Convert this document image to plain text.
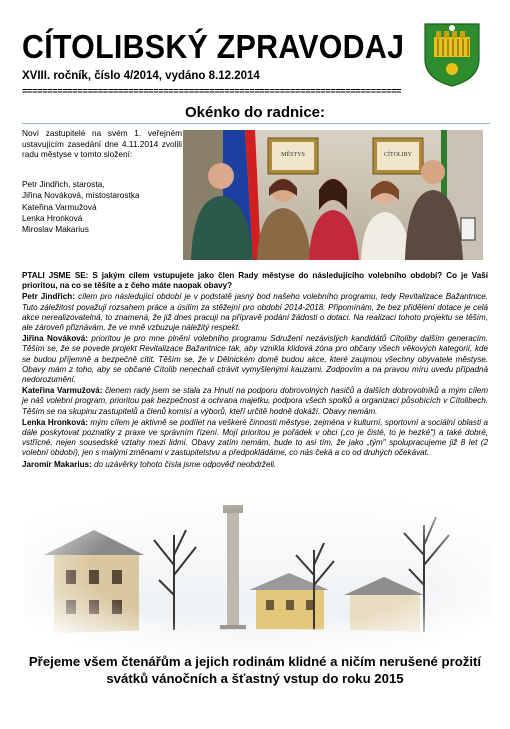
CÍTOLIBSKÝ ZPRAVODAJ
XVIII. ročník, číslo 4/2014, vydáno 8.12.2014
===========================================================================
Okénko do radnice:
Noví zastupitelé na svém 1. veřejném ustavujícím zasedání dne 4.11.2014 zvolili radu městyse v tomto složení:
Petr Jindřich, starosta,
Jiřina Nováková, místostarostka
Kateřina Varmužová
Lenka Hronková
Miroslav Makarius
MĚSTYS	CÍTOLIBY

PTALI JSME SE: S jakým cílem vstupujete jako člen Rady městyse do následujícího volebního období? Co je Vaší prioritou, na co se těšíte a z čeho máte naopak obavy?

Petr Jindřich: cílem pro následující období je v podstatě jasný bod našeho volebního programu, tedy Revitalizace Bažantnice. Tuto záležitost považuji rozsahem práce a úsilím za stěžejní pro období 2014-2018. Připomínám, že bez přidělení dotace je celá akce nerealizovatelná, to znamená, že již dnes pracuji na přípravě podání žádosti o dotaci. Na realizaci tohoto projektu se těším, ale zároveň přiznávám, že ve mně vzbuzuje náležitý respekt.

Jiřina Nováková: prioritou je pro mne plnění volebního programu Sdružení nezávislých kandidátů Cítoliby dalším generacím. Těším se, že se povede projekt Revitalizace Bažantnice tak, aby vznikla klidová zóna pro občany všech věkových kategorií, kde se budou příjemně a bezpečně cítit. Těším se, že v Dělnickém domě budou akce, které zaujmou všechny obyvatele městyse. Obavy mám z toho, aby se občané Cítolib nenechali ctrávit vymyšlenými kauzami. Zodpovím a na pravou míru uvedu případná nedorozumění.

Kateřina Varmužová: členem rady jsem se stala za Hnutí na podporu dobrovolných hasičů a dalších dobrovolníků a mým cílem je náš volební program, prioritou pak bezpečnost a ochrana majetku, podpora všech spolků a organizací působících v Cítolibech. Těším se na skupinu zastupitelů a členů komisí a výborů, kteří určitě hodně dokáží. Obavy nemám.

Lenka Hronková: mým cílem je aktivně se podílet na veškeré činnosti městyse, zejména v kulturní, sportovní a sociální oblasti a dále poskytovat poznatky z praxe ve správním řízení. Mojí prioritou je pořádek v obci („co je čisté, to je hezké") a také dobré, vstřícné, nejen sousedské vztahy mezi lidmi. Obavy zatím nemám, bude to asi tím, že jako „tým" spolupracujeme již 8 let (2 volební období), jen s malými změnami v zastupitelstvu a předpokládáme, co nás čeká a co od druhých očekávat.

Jaromír Makarius: do uzávěrky tohoto čísla jsme odpověď neobdrželi.

Přejeme všem čtenářům a jejich rodinám klidné a ničím nerušené prožití
svátků vánočních a šťastný vstup do roku 2015
